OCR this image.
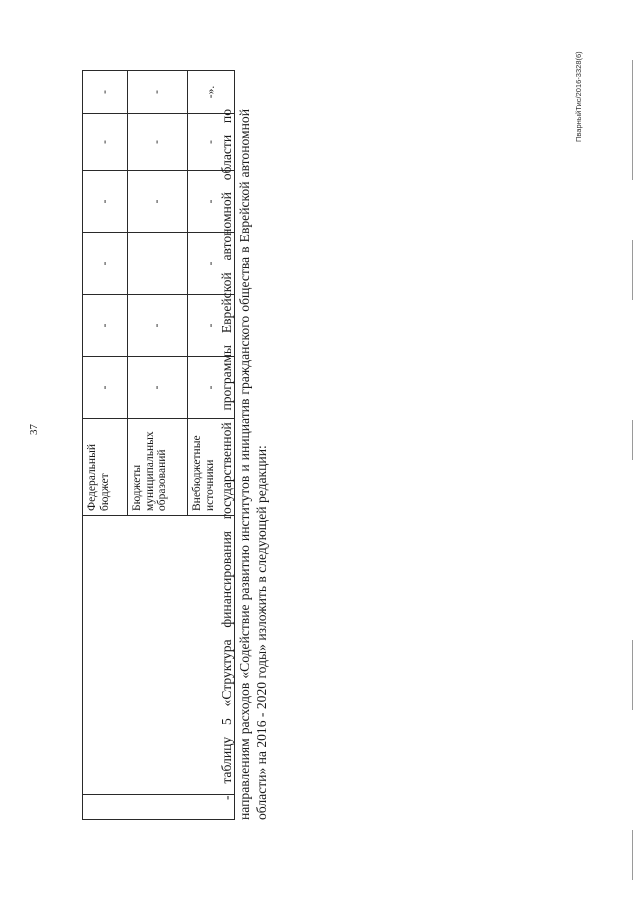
37
		Федеральный бюджет	-	-	-	-	-	-
		Бюджеты муниципальных образований	-	-		-	-	-
		Внебюджетные источники	-	-	-	-	-	-».

- таблицу 5 «Структура финансирования государственной программы Еврейской автономной области по направлениям расходов «Содействие развитию институтов и инициатив гражданского общества в Еврейской автономной области» на 2016 - 2020 годы» изложить в следующей редакции:

ПварныйТис/2016-3328(6)
